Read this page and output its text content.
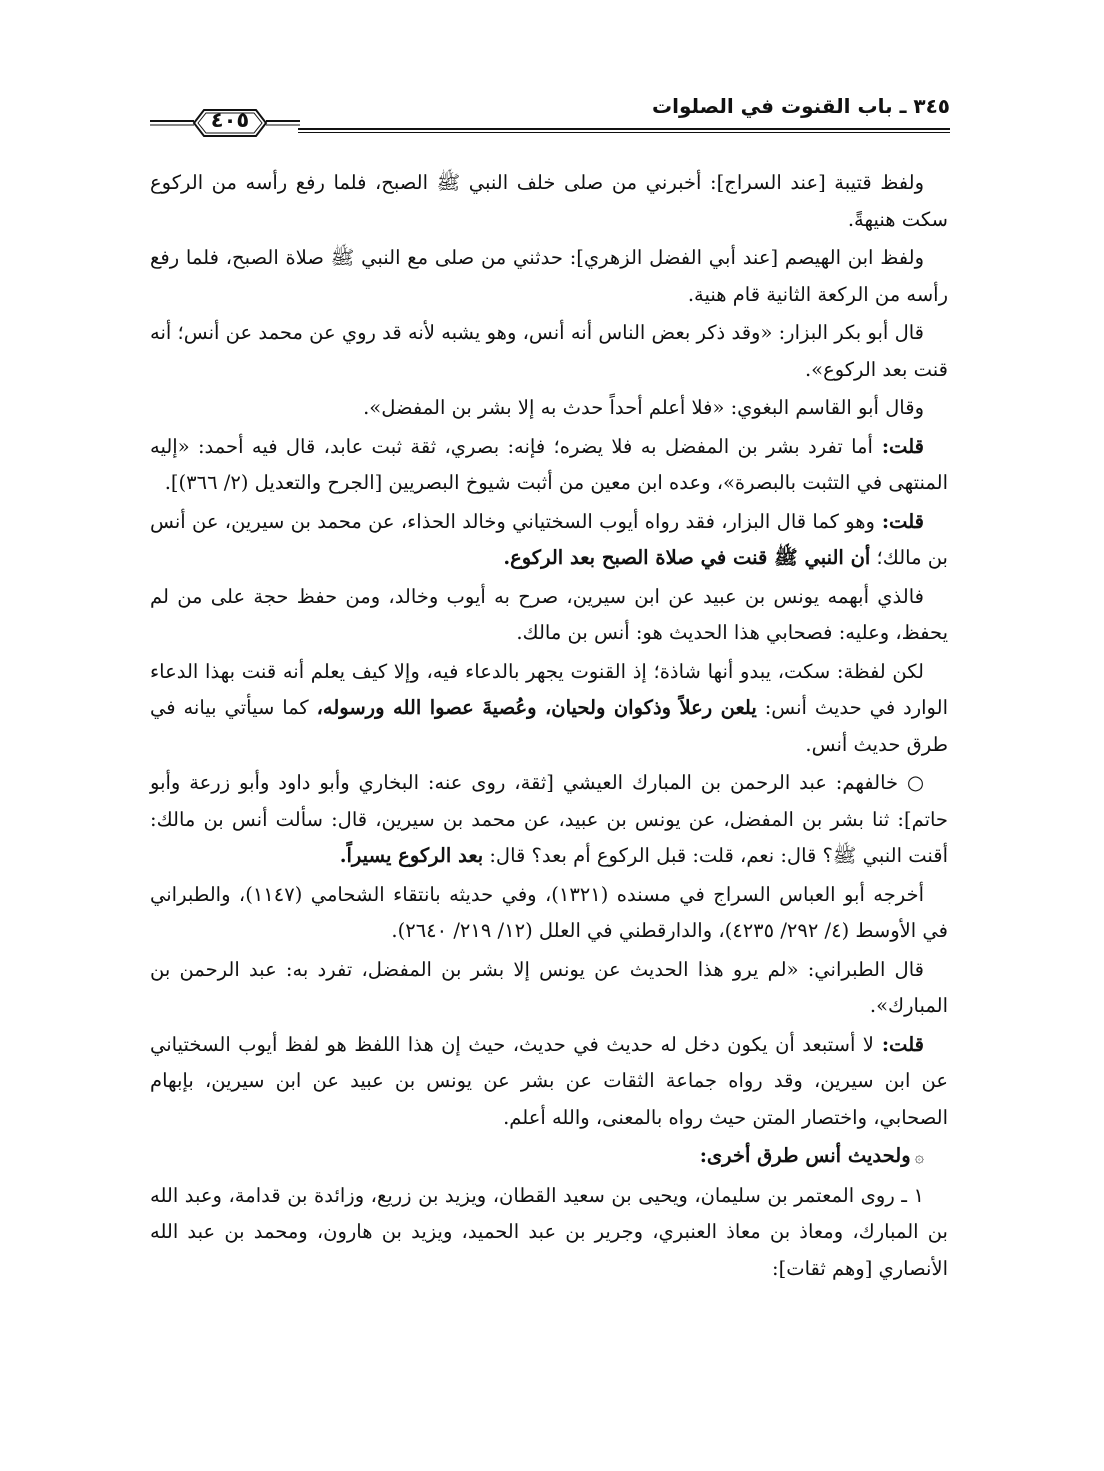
٣٤٥ ـ باب القنوت في الصلوات
٤٠٥

ولفظ قتيبة [عند السراج]: أخبرني من صلى خلف النبي ﷺ الصبح، فلما رفع رأسه من الركوع سكت هنيهةً.

ولفظ ابن الهيصم [عند أبي الفضل الزهري]: حدثني من صلى مع النبي ﷺ صلاة الصبح، فلما رفع رأسه من الركعة الثانية قام هنية.

قال أبو بكر البزار: «وقد ذكر بعض الناس أنه أنس، وهو يشبه لأنه قد روي عن محمد عن أنس؛ أنه قنت بعد الركوع».

وقال أبو القاسم البغوي: «فلا أعلم أحداً حدث به إلا بشر بن المفضل».

قلت: أما تفرد بشر بن المفضل به فلا يضره؛ فإنه: بصري، ثقة ثبت عابد، قال فيه أحمد: «إليه المنتهى في التثبت بالبصرة»، وعده ابن معين من أثبت شيوخ البصريين [الجرح والتعديل (٢/ ٣٦٦)].

قلت: وهو كما قال البزار، فقد رواه أيوب السختياني وخالد الحذاء، عن محمد بن سيرين، عن أنس بن مالك؛ أن النبي ﷺ قنت في صلاة الصبح بعد الركوع.

فالذي أبهمه يونس بن عبيد عن ابن سيرين، صرح به أيوب وخالد، ومن حفظ حجة على من لم يحفظ، وعليه: فصحابي هذا الحديث هو: أنس بن مالك.

لكن لفظة: سكت، يبدو أنها شاذة؛ إذ القنوت يجهر بالدعاء فيه، وإلا كيف يعلم أنه قنت بهذا الدعاء الوارد في حديث أنس: يلعن رعلاً وذكوان ولحيان، وعُصيةَ عصوا الله ورسوله، كما سيأتي بيانه في طرق حديث أنس.

○ خالفهم: عبد الرحمن بن المبارك العيشي [ثقة، روى عنه: البخاري وأبو داود وأبو زرعة وأبو حاتم]: ثنا بشر بن المفضل، عن يونس بن عبيد، عن محمد بن سيرين، قال: سألت أنس بن مالك: أقنت النبي ﷺ؟ قال: نعم، قلت: قبل الركوع أم بعد؟ قال: بعد الركوع يسيراً.

أخرجه أبو العباس السراج في مسنده (١٣٢١)، وفي حديثه بانتقاء الشحامي (١١٤٧)، والطبراني في الأوسط (٤/ ٢٩٢/ ٤٢٣٥)، والدارقطني في العلل (١٢/ ٢١٩/ ٢٦٤٠).

قال الطبراني: «لم يرو هذا الحديث عن يونس إلا بشر بن المفضل، تفرد به: عبد الرحمن بن المبارك».

قلت: لا أستبعد أن يكون دخل له حديث في حديث، حيث إن هذا اللفظ هو لفظ أيوب السختياني عن ابن سيرين، وقد رواه جماعة الثقات عن بشر عن يونس بن عبيد عن ابن سيرين، بإبهام الصحابي، واختصار المتن حيث رواه بالمعنى، والله أعلم.

۞ولحديث أنس طرق أخرى:

١ ـ روى المعتمر بن سليمان، ويحيى بن سعيد القطان، ويزيد بن زريع، وزائدة بن قدامة، وعبد الله بن المبارك، ومعاذ بن معاذ العنبري، وجرير بن عبد الحميد، ويزيد بن هارون، ومحمد بن عبد الله الأنصاري [وهم ثقات]:
